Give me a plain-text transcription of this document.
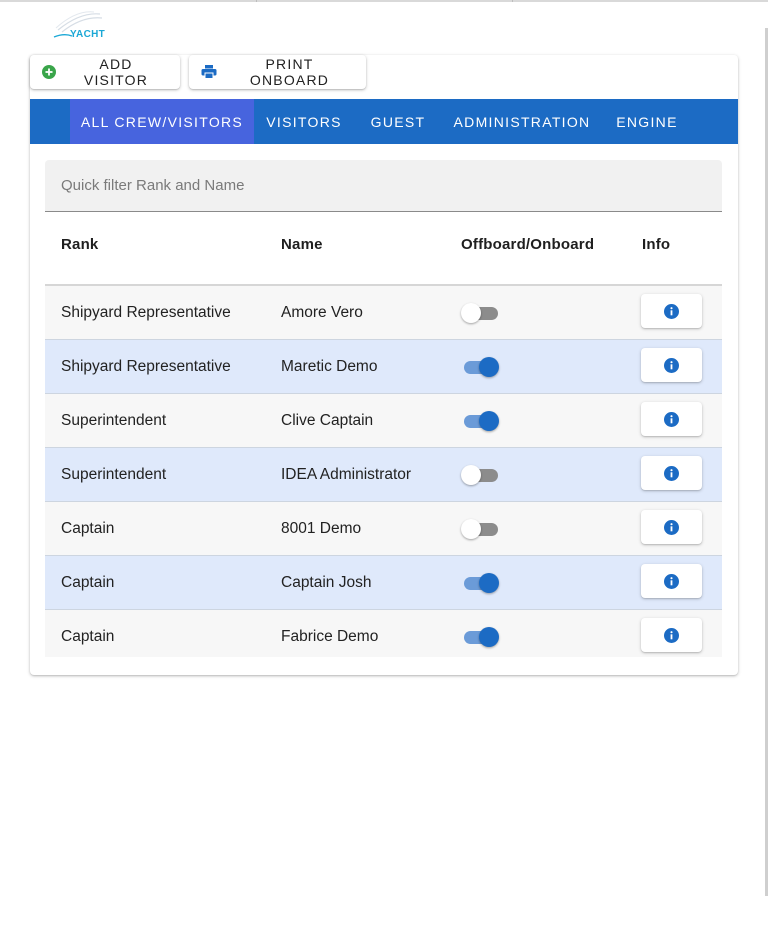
YACHT
ADD VISITOR
PRINT ONBOARD
ALL CREW/VISITORS	VISITORS	GUEST	ADMINISTRATION	ENGINE
Quick filter Rank and Name
Rank	Name	Offboard/Onboard	Info
Shipyard Representative	Amore Vero
Shipyard Representative	Maretic Demo
Superintendent	Clive Captain
Superintendent	IDEA Administrator
Captain	8001 Demo
Captain	Captain Josh
Captain	Fabrice Demo
